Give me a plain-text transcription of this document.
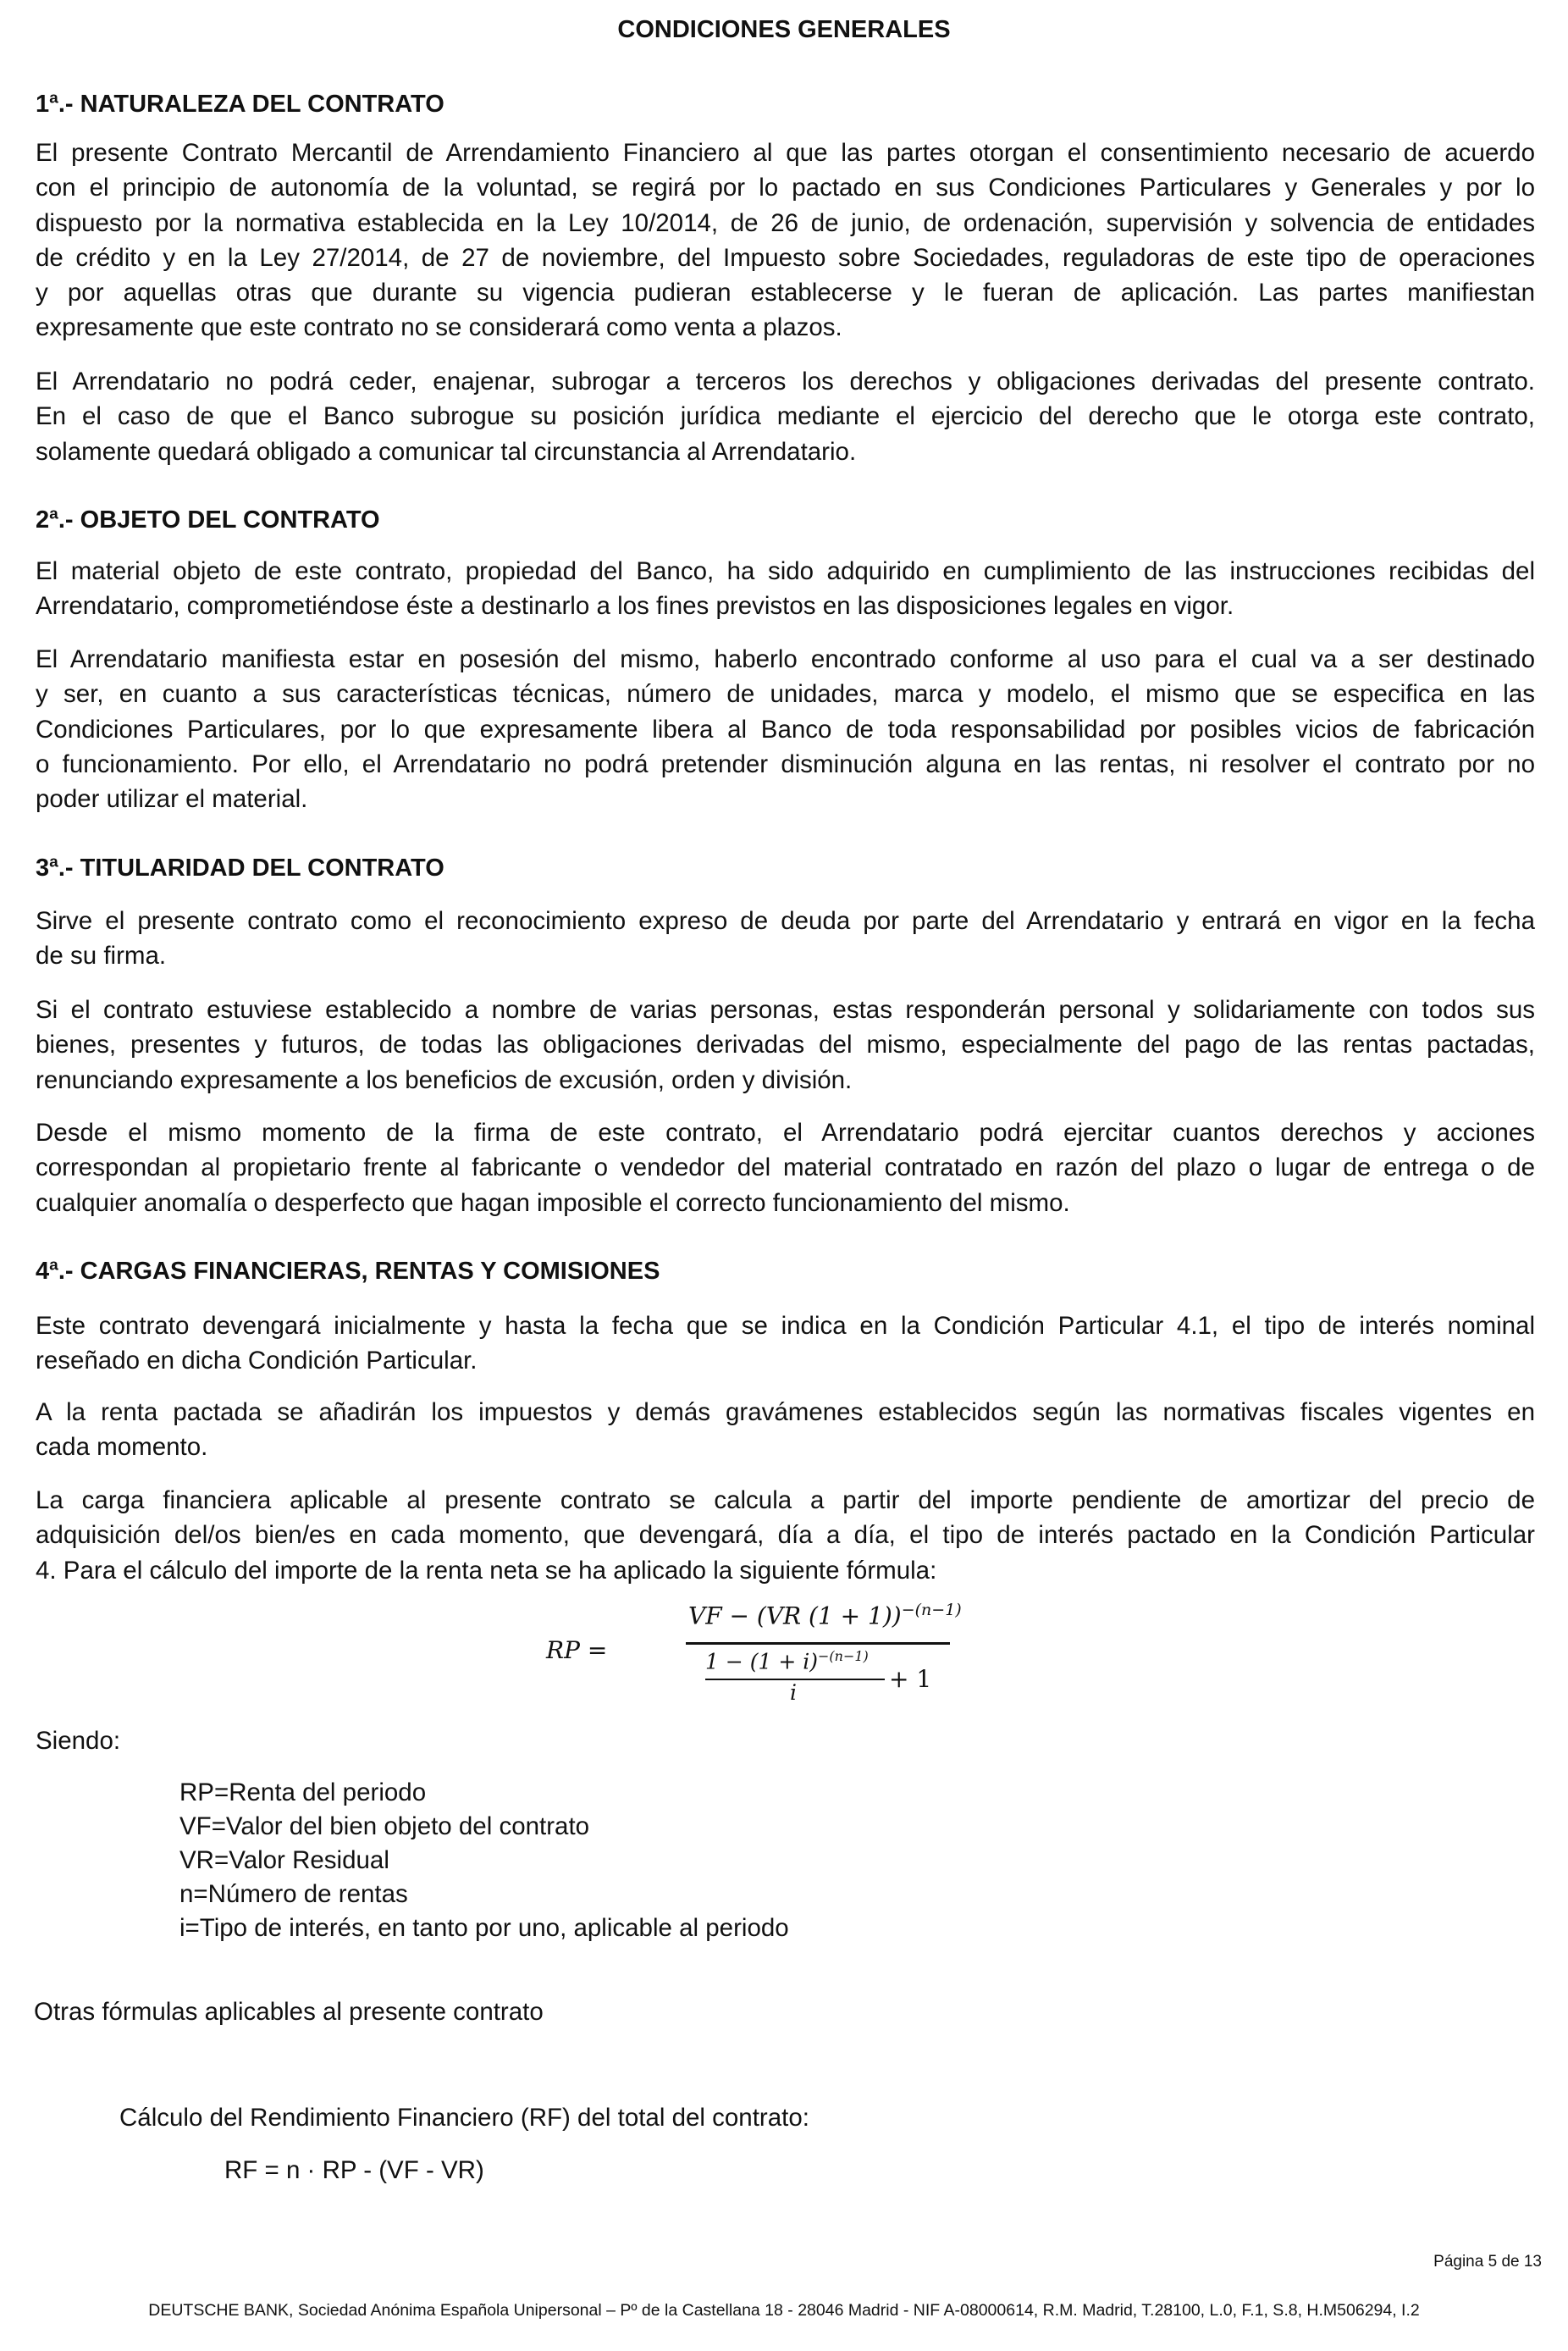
CONDICIONES GENERALES
1ª.- NATURALEZA DEL CONTRATO
El presente Contrato Mercantil de Arrendamiento Financiero al que las partes otorgan el consentimiento necesario de acuerdo
con el principio de autonomía de la voluntad, se regirá por lo pactado en sus Condiciones Particulares y Generales y por lo
dispuesto por la normativa establecida en la Ley 10/2014, de 26 de junio, de ordenación, supervisión y solvencia de entidades
de crédito y en la Ley 27/2014, de 27 de noviembre, del Impuesto sobre Sociedades, reguladoras de este tipo de operaciones
y por aquellas otras que durante su vigencia pudieran establecerse y le fueran de aplicación. Las partes manifiestan
expresamente que este contrato no se considerará como venta a plazos.
El Arrendatario no podrá ceder, enajenar, subrogar a terceros los derechos y obligaciones derivadas del presente contrato.
En el caso de que el Banco subrogue su posición jurídica mediante el ejercicio del derecho que le otorga este contrato,
solamente quedará obligado a comunicar tal circunstancia al Arrendatario.
2ª.- OBJETO DEL CONTRATO
El material objeto de este contrato, propiedad del Banco, ha sido adquirido en cumplimiento de las instrucciones recibidas del
Arrendatario, comprometiéndose éste a destinarlo a los fines previstos en las disposiciones legales en vigor.
El Arrendatario manifiesta estar en posesión del mismo, haberlo encontrado conforme al uso para el cual va a ser destinado
y ser, en cuanto a sus características técnicas, número de unidades, marca y modelo, el mismo que se especifica en las
Condiciones Particulares, por lo que expresamente libera al Banco de toda responsabilidad por posibles vicios de fabricación
o funcionamiento. Por ello, el Arrendatario no podrá pretender disminución alguna en las rentas, ni resolver el contrato por no
poder utilizar el material.
3ª.- TITULARIDAD DEL CONTRATO
Sirve el presente contrato como el reconocimiento expreso de deuda por parte del Arrendatario y entrará en vigor en la fecha
de su firma.
Si el contrato estuviese establecido a nombre de varias personas, estas responderán personal y solidariamente con todos sus
bienes, presentes y futuros, de todas las obligaciones derivadas del mismo, especialmente del pago de las rentas pactadas,
renunciando expresamente a los beneficios de excusión, orden y división.
Desde el mismo momento de la firma de este contrato, el Arrendatario podrá ejercitar cuantos derechos y acciones
correspondan al propietario frente al fabricante o vendedor del material contratado en razón del plazo o lugar de entrega o de
cualquier anomalía o desperfecto que hagan imposible el correcto funcionamiento del mismo.
4ª.- CARGAS FINANCIERAS, RENTAS Y COMISIONES
Este contrato devengará inicialmente y hasta la fecha que se indica en la Condición Particular 4.1, el tipo de interés nominal
reseñado en dicha Condición Particular.
A la renta pactada se añadirán los impuestos y demás gravámenes establecidos según las normativas fiscales vigentes en
cada momento.
La carga financiera aplicable al presente contrato se calcula a partir del importe pendiente de amortizar del precio de
adquisición del/os bien/es en cada momento, que devengará, día a día, el tipo de interés pactado en la Condición Particular
4. Para el cálculo del importe de la renta neta se ha aplicado la siguiente fórmula:
RP =
VF − (VR (1 + 1))$^{-(n-1)}$
$1 - (1 + i)^{-(n-1)}$
i	+ 1
Siendo:
RP=Renta del periodo
VF=Valor del bien objeto del contrato
VR=Valor Residual
n=Número de rentas
i=Tipo de interés, en tanto por uno, aplicable al periodo
Otras fórmulas aplicables al presente contrato
Cálculo del Rendimiento Financiero (RF) del total del contrato:
RF = n · RP - (VF - VR)
Página 5 de 13
DEUTSCHE BANK, Sociedad Anónima Española Unipersonal – Pº de la Castellana 18 - 28046 Madrid - NIF A-08000614, R.M. Madrid, T.28100, L.0, F.1, S.8, H.M506294, I.2
